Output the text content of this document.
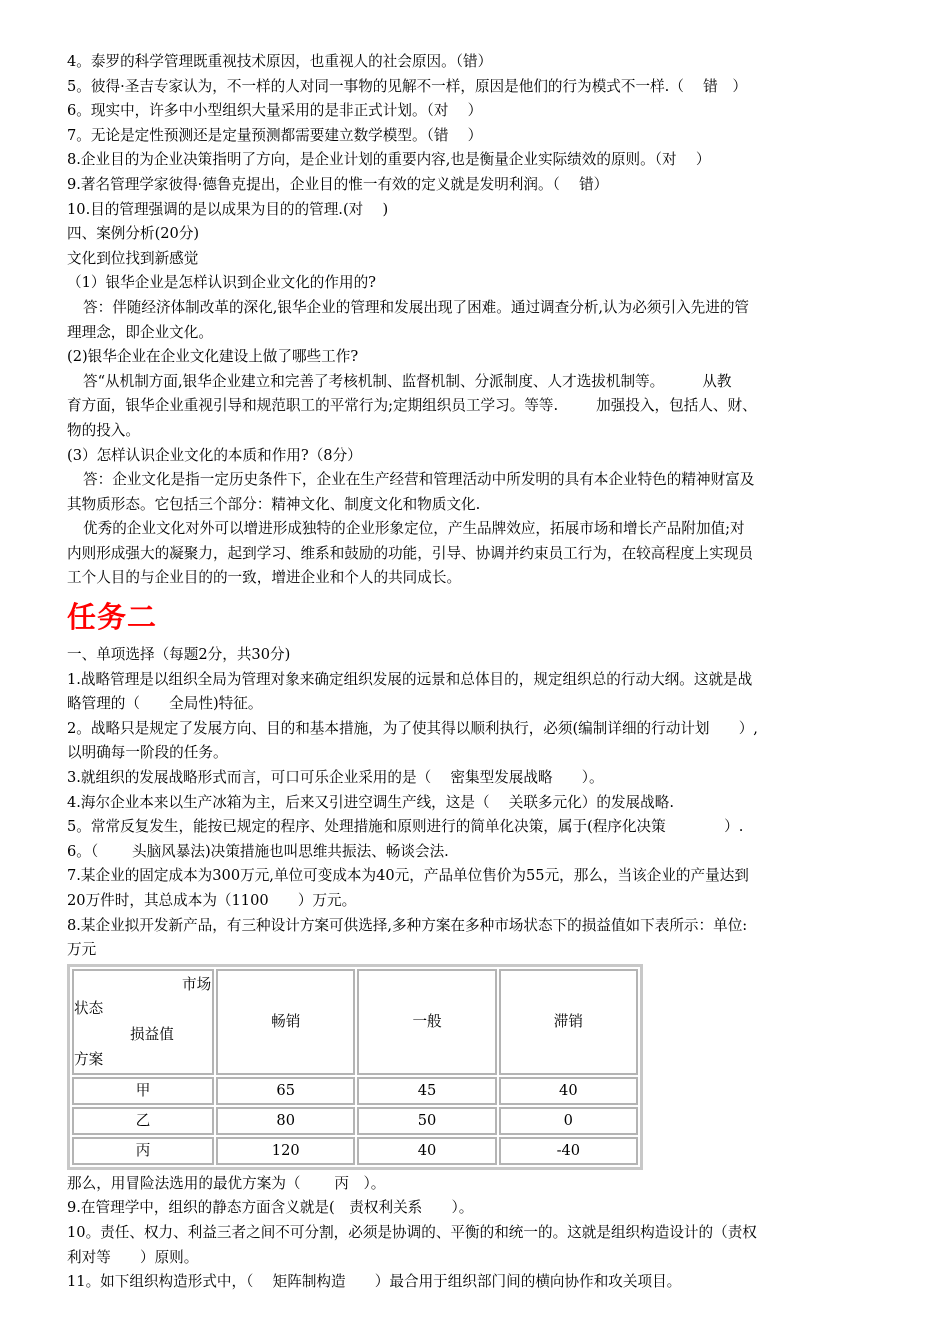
4。泰罗的科学管理既重视技术原因，也重视人的社会原因。（错）
5。彼得·圣吉专家认为，不一样的人对同一事物的见解不一样，原因是他们的行为模式不一样.（　 错　）
6。现实中，许多中小型组织大量采用的是非正式计划。（对　 ）
7。无论是定性预测还是定量预测都需要建立数学模型。（错　 ）
8.企业目的为企业决策指明了方向，是企业计划的重要内容,也是衡量企业实际绩效的原则。（对　 ）
9.著名管理学家彼得·德鲁克提出，企业目的惟一有效的定义就是发明利润。（　 错）
10.目的管理强调的是以成果为目的的管理.(对　 )
四、案例分析(20分)
文化到位找到新感觉
（1）银华企业是怎样认识到企业文化的作用的?
答：伴随经济体制改革的深化,银华企业的管理和发展出现了困难。通过调查分析,认为必须引入先进的管
理理念，即企业文化。
(2)银华企业在企业文化建设上做了哪些工作?
答“从机制方面,银华企业建立和完善了考核机制、监督机制、分派制度、人才选拔机制等。	从教
育方面，银华企业重视引导和规范职工的平常行为;定期组织员工学习。等等.	加强投入，包括人、财、
物的投入。
(3）怎样认识企业文化的本质和作用?（8分）
答：企业文化是指一定历史条件下，企业在生产经营和管理活动中所发明的具有本企业特色的精神财富及
其物质形态。它包括三个部分：精神文化、制度文化和物质文化.
优秀的企业文化对外可以增进形成独特的企业形象定位，产生品牌效应，拓展市场和增长产品附加值;对
内则形成强大的凝聚力，起到学习、维系和鼓励的功能，引导、协调并约束员工行为，在较高程度上实现员
工个人目的与企业目的的一致，增进企业和个人的共同成长。
任务二
一、单项选择（每题2分，共30分)
1.战略管理是以组织全局为管理对象来确定组织发展的远景和总体目的，规定组织总的行动大纲。这就是战
略管理的（　　全局性)特征。
2。战略只是规定了发展方向、目的和基本措施，为了使其得以顺利执行，必须(编制详细的行动计划　　）,
以明确每一阶段的任务。
3.就组织的发展战略形式而言，可口可乐企业采用的是（　 密集型发展战略　　）。
4.海尔企业本来以生产冰箱为主，后来又引进空调生产线，这是（　 关联多元化）的发展战略.
5。常常反复发生，能按已规定的程序、处理措施和原则进行的简单化决策，属于(程序化决策　　　　）.
6。（　　 头脑风暴法)决策措施也叫思维共振法、畅谈会法.
7.某企业的固定成本为300万元,单位可变成本为40元，产品单位售价为55元，那么，当该企业的产量达到
20万件时，其总成本为（1100　　）万元。
8.某企业拟开发新产品，有三种设计方案可供选择,多种方案在多种市场状态下的损益值如下表所示：单位:
万元
市场
状态
损益值
方案	畅销	一般	滞销
甲	65	45	40
乙	80	50	0
丙	120	40	-40
那么，用冒险法选用的最优方案为（　　 丙　）。
9.在管理学中，组织的静态方面含义就是(　责权利关系　　）。
10。责任、权力、利益三者之间不可分割，必须是协调的、平衡的和统一的。这就是组织构造设计的（责权
利对等　　）原则。
11。如下组织构造形式中，（　 矩阵制构造　　）最合用于组织部门间的横向协作和攻关项目。
